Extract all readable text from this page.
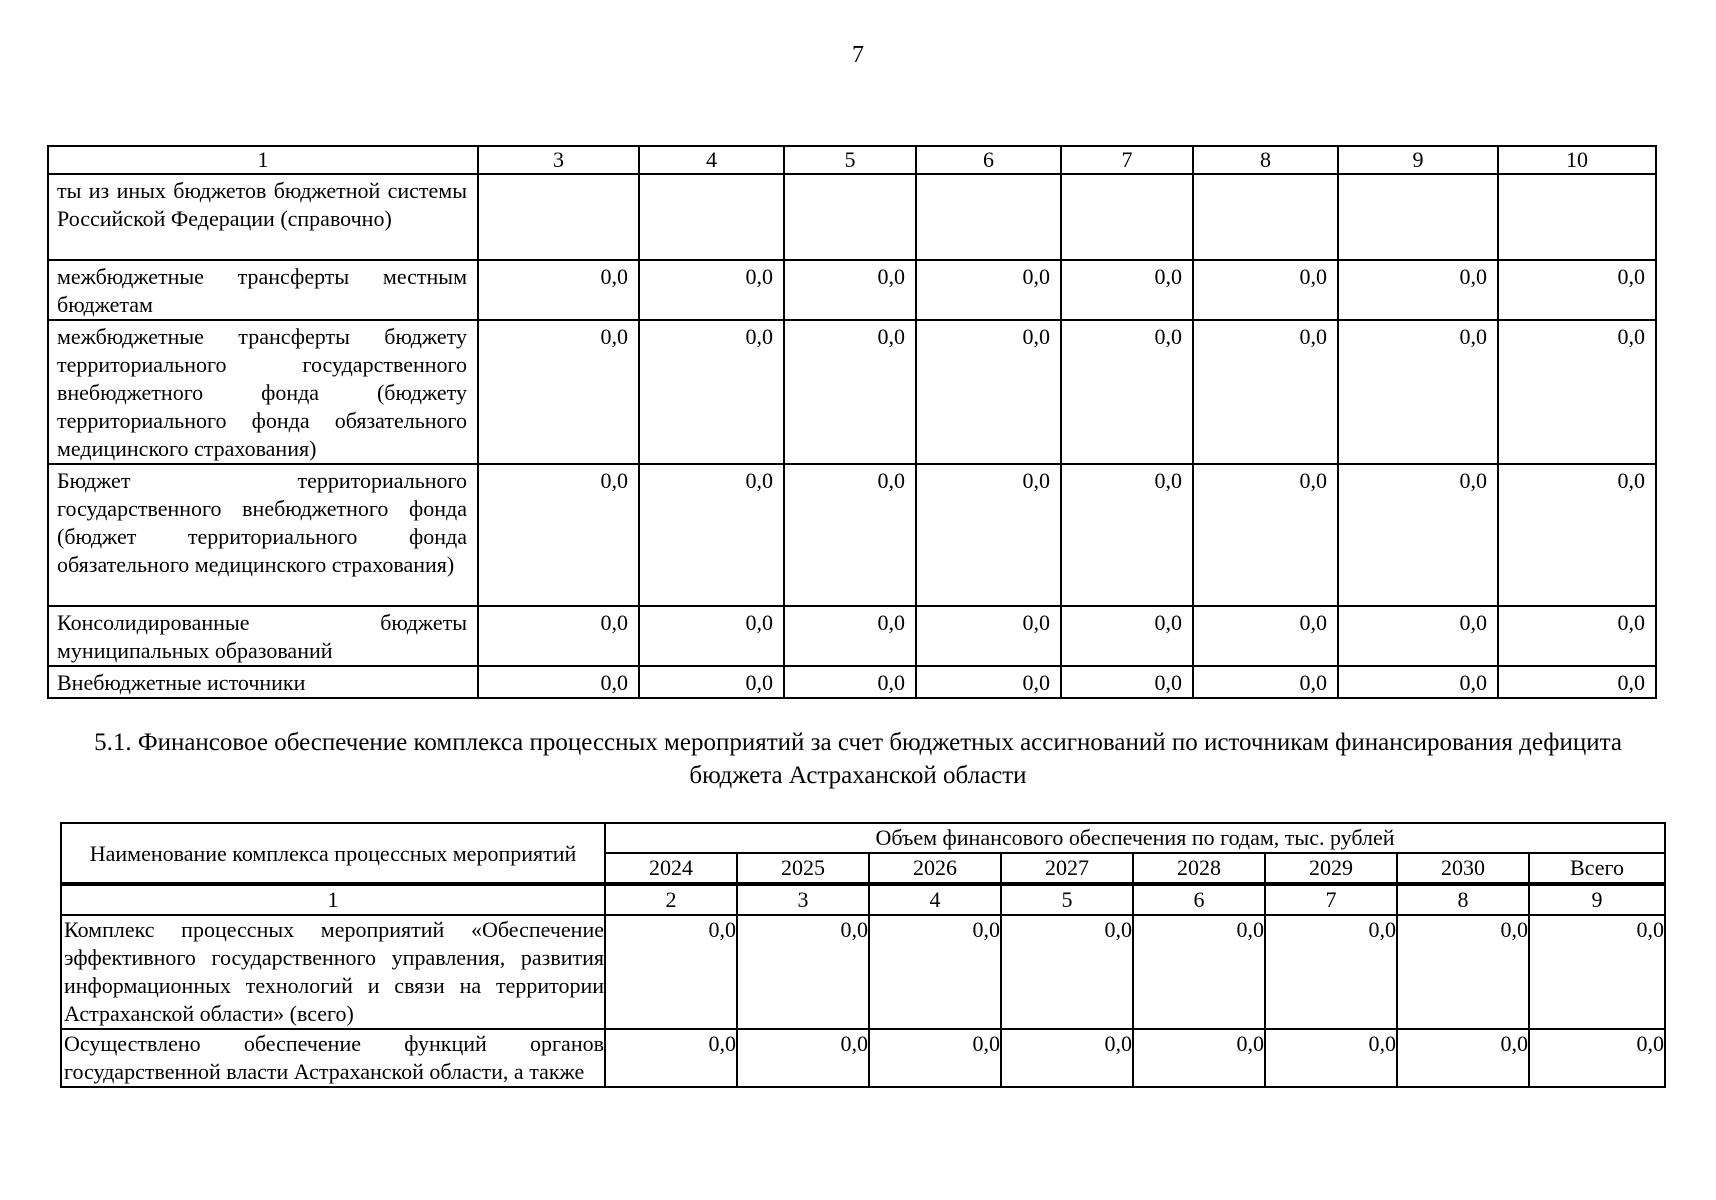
7
1	3	4	5	6	7	8	9	10
ты из иных бюджетов бюджетной системы Российской Федерации (справочно)								
межбюджетные трансферты местным бюджетам	0,0	0,0	0,0	0,0	0,0	0,0	0,0	0,0
межбюджетные трансферты бюджету территориального государственного внебюджетного фонда (бюджету территориального фонда обязательного медицинского страхования)	0,0	0,0	0,0	0,0	0,0	0,0	0,0	0,0
Бюджет территориального государственного внебюджетного фонда (бюджет территориального фонда обязательного медицинского страхования)	0,0	0,0	0,0	0,0	0,0	0,0	0,0	0,0
Консолидированные бюджеты муниципальных образований	0,0	0,0	0,0	0,0	0,0	0,0	0,0	0,0
Внебюджетные источники	0,0	0,0	0,0	0,0	0,0	0,0	0,0	0,0
5.1. Финансовое обеспечение комплекса процессных мероприятий за счет бюджетных ассигнований по источникам финансирования дефицита бюджета Астраханской области
Наименование комплекса процессных мероприятий	Объем финансового обеспечения по годам, тыс. рублей							
	2024	2025	2026	2027	2028	2029	2030	Всего

1	2	3	4	5	6	7	8	9
Комплекс процессных мероприятий «Обеспечение эффективного государственного управления, развития информационных технологий и связи на территории Астраханской области» (всего)	0,0	0,0	0,0	0,0	0,0	0,0	0,0	0,0
Осуществлено обеспечение функций органов государственной власти Астраханской области, а также	0,0	0,0	0,0	0,0	0,0	0,0	0,0	0,0
